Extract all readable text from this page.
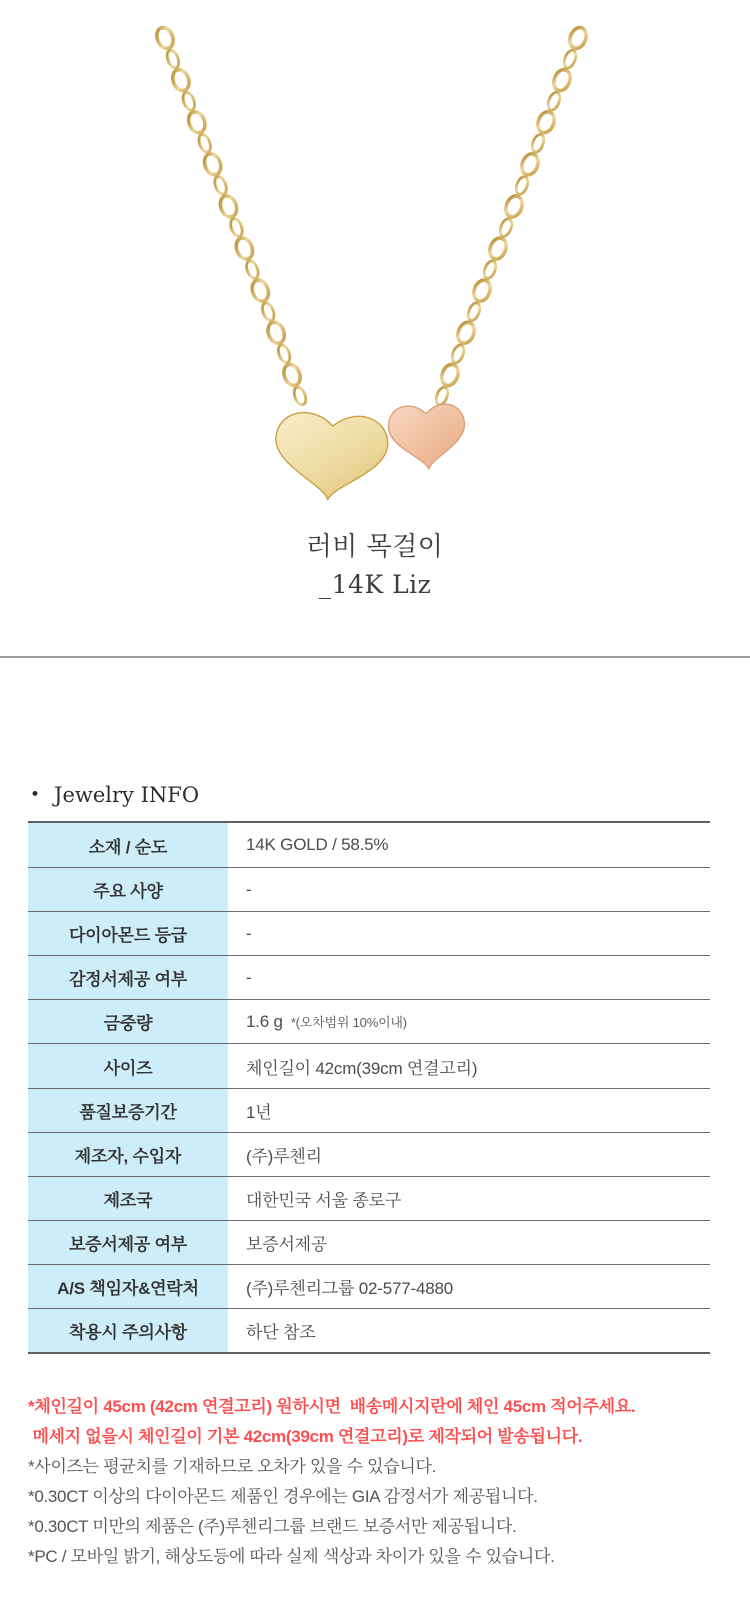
러비 목걸이
_14K Liz
• Jewelry INFO
소재 / 순도	14K GOLD / 58.5%
주요 사양	-
다이아몬드 등급	-
감정서제공 여부	-
금중량	1.6 g *(오차범위 10%이내)
사이즈	체인길이 42cm(39cm 연결고리)
품질보증기간	1년
제조자, 수입자	(주)루첸리
제조국	대한민국 서울 종로구
보증서제공 여부	보증서제공
A/S 책임자&연락처	(주)루첸리그룹 02-577-4880
착용시 주의사항	하단 참조
*체인길이 45cm (42cm 연결고리) 원하시면  배송메시지란에 체인 45cm 적어주세요.
메세지 없을시 체인길이 기본 42cm(39cm 연결고리)로 제작되어 발송됩니다.
*사이즈는 평균치를 기재하므로 오차가 있을 수 있습니다.
*0.30CT 이상의 다이아몬드 제품인 경우에는 GIA 감정서가 제공됩니다.
*0.30CT 미만의 제품은 (주)루첸리그룹 브랜드 보증서만 제공됩니다.
*PC / 모바일 밝기, 해상도등에 따라 실제 색상과 차이가 있을 수 있습니다.
